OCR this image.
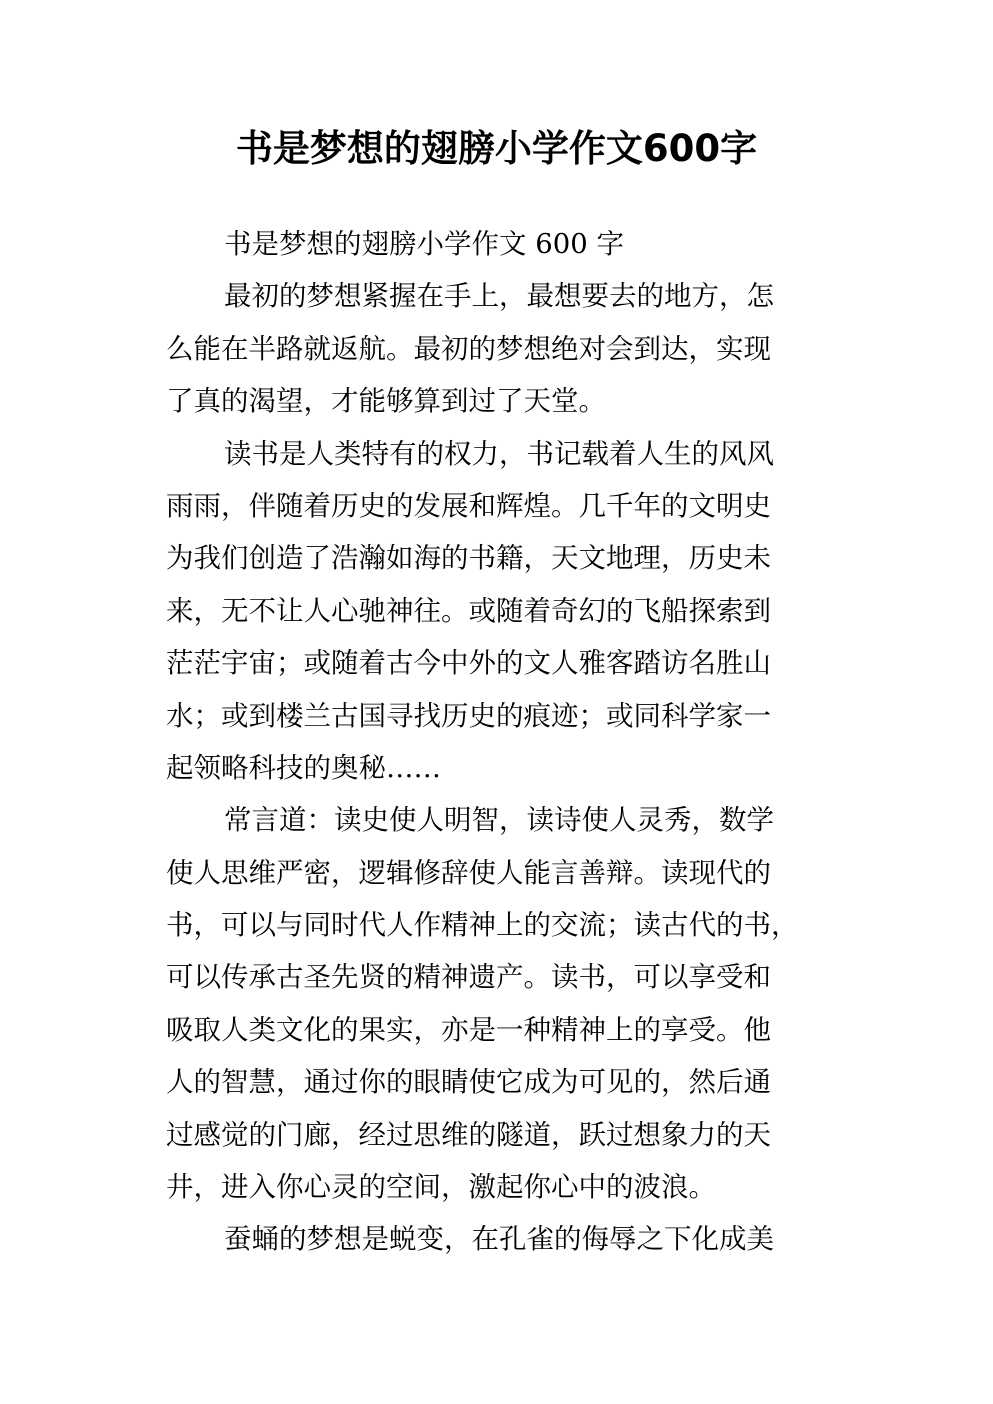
书是梦想的翅膀小学作文600字
书是梦想的翅膀小学作文 600 字
最初的梦想紧握在手上，最想要去的地方，怎
么能在半路就返航。最初的梦想绝对会到达，实现
了真的渴望，才能够算到过了天堂。
读书是人类特有的权力，书记载着人生的风风
雨雨，伴随着历史的发展和辉煌。几千年的文明史
为我们创造了浩瀚如海的书籍，天文地理，历史未
来，无不让人心驰神往。或随着奇幻的飞船探索到
茫茫宇宙；或随着古今中外的文人雅客踏访名胜山
水；或到楼兰古国寻找历史的痕迹；或同科学家一
起领略科技的奥秘……
常言道：读史使人明智，读诗使人灵秀，数学
使人思维严密，逻辑修辞使人能言善辩。读现代的
书，可以与同时代人作精神上的交流；读古代的书，
可以传承古圣先贤的精神遗产。读书，可以享受和
吸取人类文化的果实，亦是一种精神上的享受。他
人的智慧，通过你的眼睛使它成为可见的，然后通
过感觉的门廊，经过思维的隧道，跃过想象力的天
井，进入你心灵的空间，激起你心中的波浪。
蚕蛹的梦想是蜕变，在孔雀的侮辱之下化成美
